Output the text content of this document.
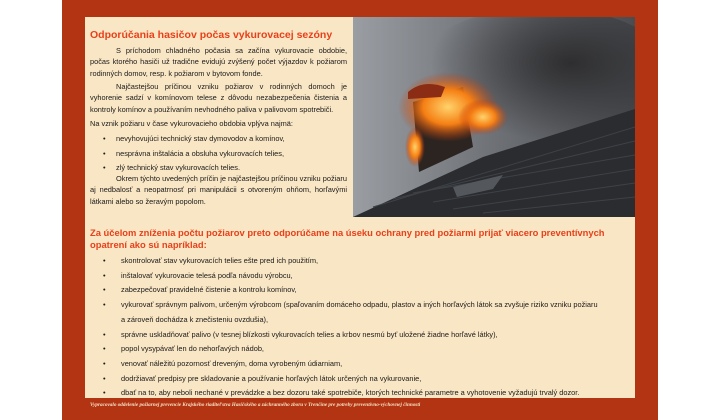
Odporúčania hasičov počas vykurovacej sezóny
S príchodom chladného počasia sa začína vykurovacie obdobie, počas ktorého hasiči už tradične evidujú zvýšený počet výjazdov k požiarom rodinných domov, resp. k požiarom v bytovom fonde.
Najčastejšou príčinou vzniku požiarov v rodinných domoch je vyhorenie sadzí v komínovom telese z dôvodu nezabezpečenia čistenia a kontroly komínov a používaním nevhodného paliva v palivovom spotrebiči.
Na vznik požiaru v čase vykurovacieho obdobia vplýva najmä:
• nevyhovujúci technický stav dymovodov a komínov,
• nesprávna inštalácia a obsluha vykurovacích telies,
• zlý technický stav vykurovacích telies.
Okrem týchto uvedených príčin je najčastejšou príčinou vzniku požiaru aj nedbalosť a neopatrnosť pri manipulácii s otvoreným ohňom, horľavými látkami alebo so žeravým popolom.
Za účelom zníženia počtu požiarov preto odporúčame na úseku ochrany pred požiarmi prijať viacero preventívnych opatrení ako sú napríklad:
• skontrolovať stav vykurovacích telies ešte pred ich použitím,
• inštalovať vykurovacie telesá podľa návodu výrobcu,
• zabezpečovať pravidelné čistenie a kontrolu komínov,
• vykurovať správnym palivom, určeným výrobcom (spaľovaním domáceho odpadu, plastov a iných horľavých látok sa zvyšuje riziko vzniku požiaru
a zároveň dochádza k znečisteniu ovzdušia),
• správne uskladňovať palivo (v tesnej blízkosti vykurovacích telies a krbov nesmú byť uložené žiadne horľavé látky),
• popol vysypávať len do nehorľavých nádob,
• venovať náležitú pozornosť dreveným, doma vyrobeným údiarniam,
• dodržiavať predpisy pre skladovanie a používanie horľavých látok určených na vykurovanie,
• dbať na to, aby neboli nechané v prevádzke a bez dozoru také spotrebiče, ktorých technické parametre a vyhotovenie vyžadujú trvalý dozor.
Vypracovalo oddelenie požiarnej prevencie Krajského riaditeľstva Hasičského a záchranného zboru v Trenčíne pre potreby preventívno-výchovnej činnosti
